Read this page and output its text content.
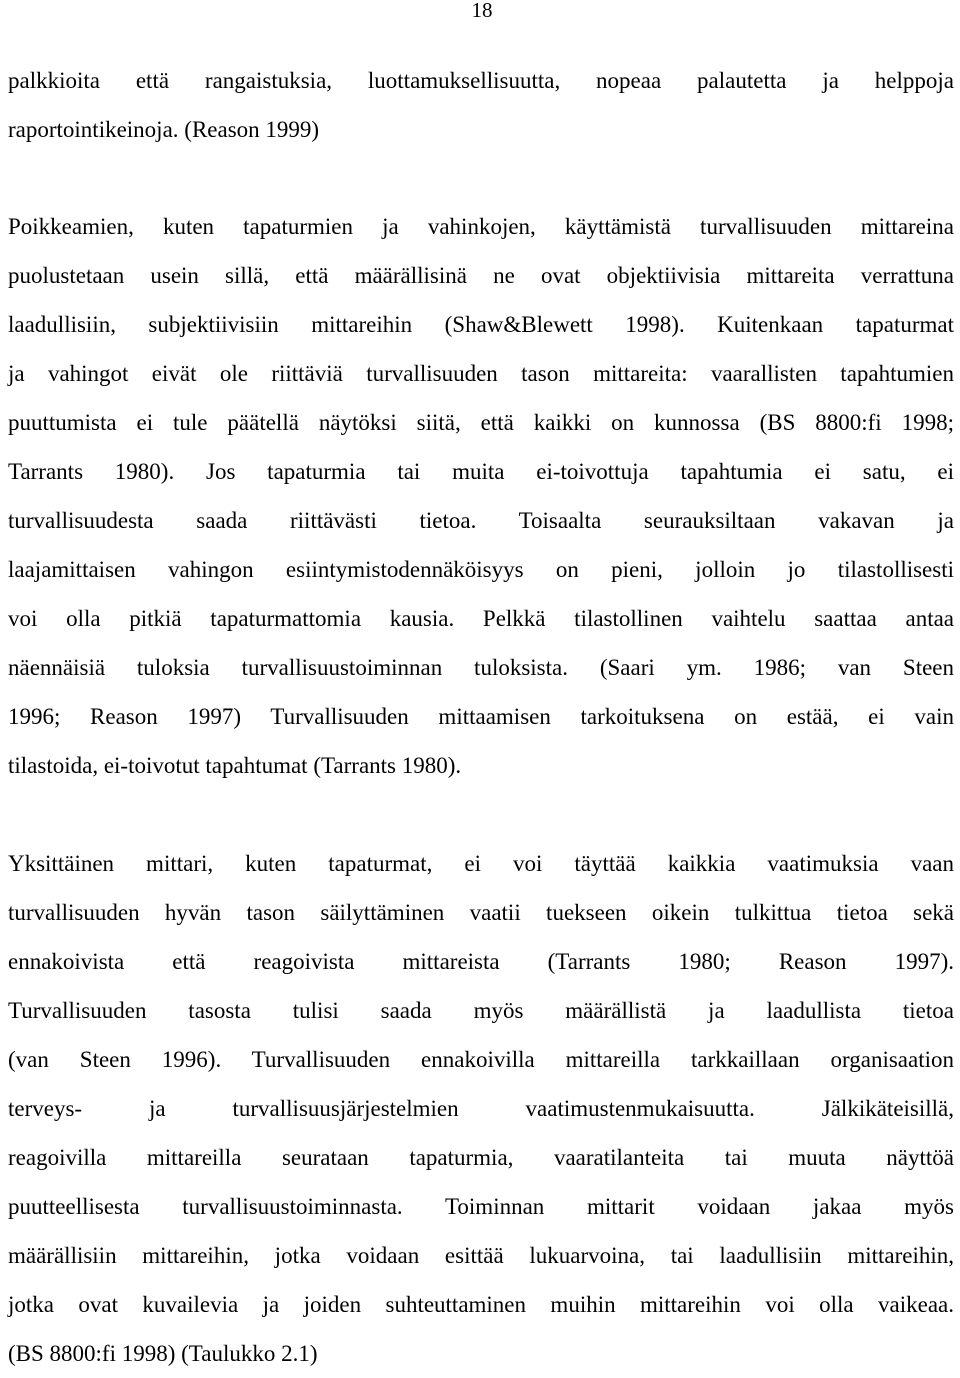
18
palkkioita että rangaistuksia, luottamuksellisuutta, nopeaa palautetta ja helppoja
raportointikeinoja. (Reason 1999)
Poikkeamien, kuten tapaturmien ja vahinkojen, käyttämistä turvallisuuden mittareina
puolustetaan usein sillä, että määrällisinä ne ovat objektiivisia mittareita verrattuna
laadullisiin, subjektiivisiin mittareihin (Shaw&Blewett 1998). Kuitenkaan tapaturmat
ja vahingot eivät ole riittäviä turvallisuuden tason mittareita: vaarallisten tapahtumien
puuttumista ei tule päätellä näytöksi siitä, että kaikki on kunnossa (BS 8800:fi 1998;
Tarrants 1980). Jos tapaturmia tai muita ei-toivottuja tapahtumia ei satu, ei
turvallisuudesta saada riittävästi tietoa. Toisaalta seurauksiltaan vakavan ja
laajamittaisen vahingon esiintymistodennäköisyys on pieni, jolloin jo tilastollisesti
voi olla pitkiä tapaturmattomia kausia. Pelkkä tilastollinen vaihtelu saattaa antaa
näennäisiä tuloksia turvallisuustoiminnan tuloksista. (Saari ym. 1986; van Steen
1996; Reason 1997) Turvallisuuden mittaamisen tarkoituksena on estää, ei vain
tilastoida, ei-toivotut tapahtumat (Tarrants 1980).
Yksittäinen mittari, kuten tapaturmat, ei voi täyttää kaikkia vaatimuksia vaan
turvallisuuden hyvän tason säilyttäminen vaatii tuekseen oikein tulkittua tietoa sekä
ennakoivista että reagoivista mittareista (Tarrants 1980; Reason 1997).
Turvallisuuden tasosta tulisi saada myös määrällistä ja laadullista tietoa
(van Steen 1996). Turvallisuuden ennakoivilla mittareilla tarkkaillaan organisaation
terveys- ja turvallisuusjärjestelmien vaatimustenmukaisuutta. Jälkikäteisillä,
reagoivilla mittareilla seurataan tapaturmia, vaaratilanteita tai muuta näyttöä
puutteellisesta turvallisuustoiminnasta. Toiminnan mittarit voidaan jakaa myös
määrällisiin mittareihin, jotka voidaan esittää lukuarvoina, tai laadullisiin mittareihin,
jotka ovat kuvailevia ja joiden suhteuttaminen muihin mittareihin voi olla vaikeaa.
(BS 8800:fi 1998) (Taulukko 2.1)
